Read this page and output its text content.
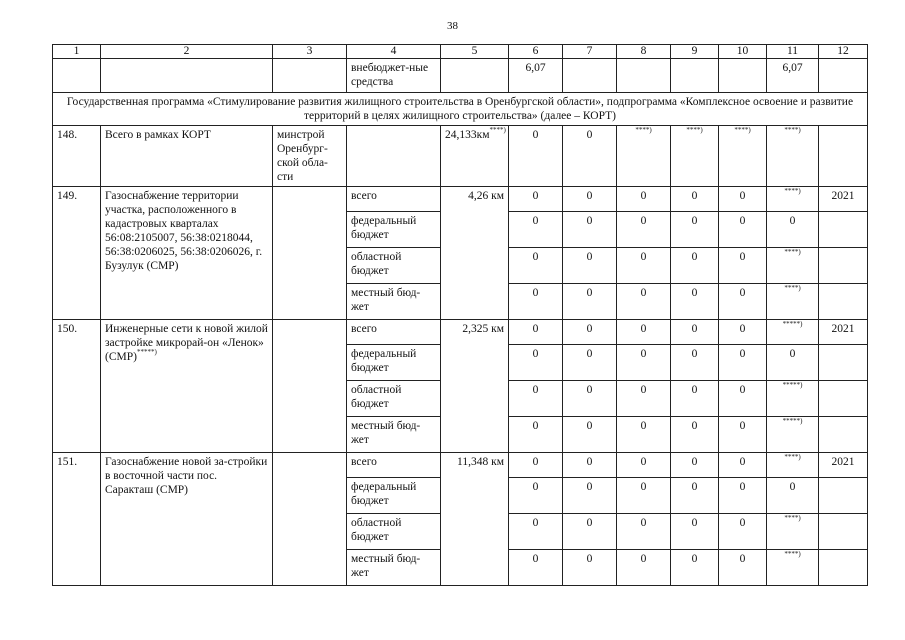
38
1	2	3	4	5	6	7	8	9	10	11	12
			внебюджет-ные средства		6,07					6,07	
Государственная программа «Стимулирование развития жилищного строительства в Оренбургской области», подпрограмма «Комплексное освоение и развитие территорий в целях жилищного строительства» (далее – КОРТ)											
148.	Всего в рамках КОРТ	минстрой Оренбург-ской обла-сти		24,133км****)	0	0	****)	****)	****)	****)	
149.	Газоснабжение территории участка, расположенного в кадастровых кварталах 56:08:2105007, 56:38:0218044, 56:38:0206025, 56:38:0206026, г. Бузулук (СМР)		всего	4,26 км	0	0	0	0	0	****)	2021
			федеральный бюджет		0	0	0	0	0	0	
			областной бюджет		0	0	0	0	0	****)	
			местный бюд-жет		0	0	0	0	0	****)	
150.	Инженерные сети к новой жилой застройке микрорай-он «Ленок» (СМР)*****)		всего	2,325 км	0	0	0	0	0	*****)	2021
			федеральный бюджет		0	0	0	0	0	0	
			областной бюджет		0	0	0	0	0	*****)	
			местный бюд-жет		0	0	0	0	0	*****)	
151.	Газоснабжение новой за-стройки в восточной части пос. Саракташ (СМР)		всего	11,348 км	0	0	0	0	0	****)	2021
			федеральный бюджет		0	0	0	0	0	0	
			областной бюджет		0	0	0	0	0	****)	
			местный бюд-жет		0	0	0	0	0	****)	
